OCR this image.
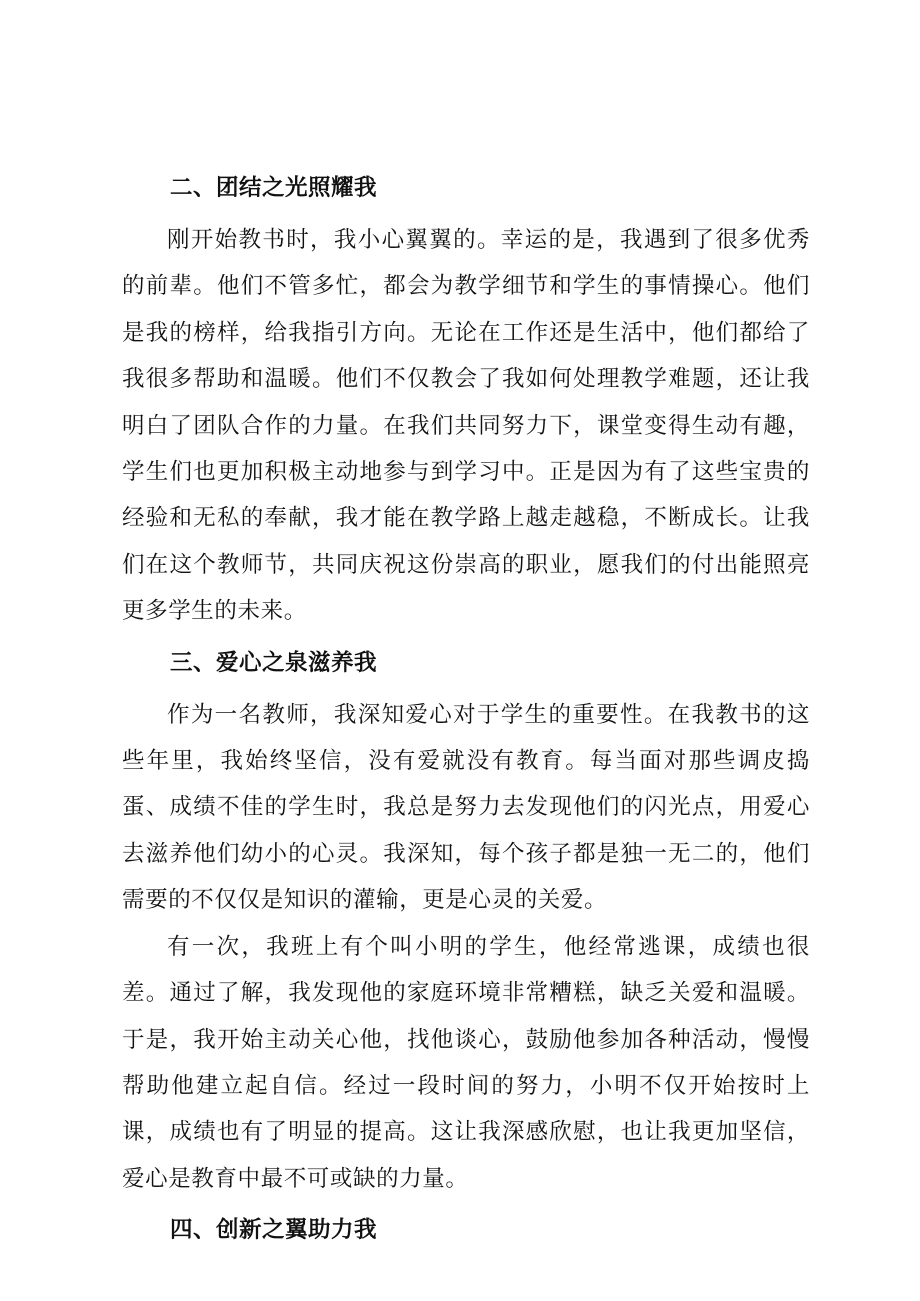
二、团结之光照耀我

刚开始教书时，我小心翼翼的。幸运的是，我遇到了很多优秀的前辈。他们不管多忙，都会为教学细节和学生的事情操心。他们是我的榜样，给我指引方向。无论在工作还是生活中，他们都给了我很多帮助和温暖。他们不仅教会了我如何处理教学难题，还让我明白了团队合作的力量。在我们共同努力下，课堂变得生动有趣，学生们也更加积极主动地参与到学习中。正是因为有了这些宝贵的经验和无私的奉献，我才能在教学路上越走越稳，不断成长。让我们在这个教师节，共同庆祝这份崇高的职业，愿我们的付出能照亮更多学生的未来。

三、爱心之泉滋养我

作为一名教师，我深知爱心对于学生的重要性。在我教书的这些年里，我始终坚信，没有爱就没有教育。每当面对那些调皮捣蛋、成绩不佳的学生时，我总是努力去发现他们的闪光点，用爱心去滋养他们幼小的心灵。我深知，每个孩子都是独一无二的，他们需要的不仅仅是知识的灌输，更是心灵的关爱。

有一次，我班上有个叫小明的学生，他经常逃课，成绩也很差。通过了解，我发现他的家庭环境非常糟糕，缺乏关爱和温暖。于是，我开始主动关心他，找他谈心，鼓励他参加各种活动，慢慢帮助他建立起自信。经过一段时间的努力，小明不仅开始按时上课，成绩也有了明显的提高。这让我深感欣慰，也让我更加坚信，爱心是教育中最不可或缺的力量。

四、创新之翼助力我
